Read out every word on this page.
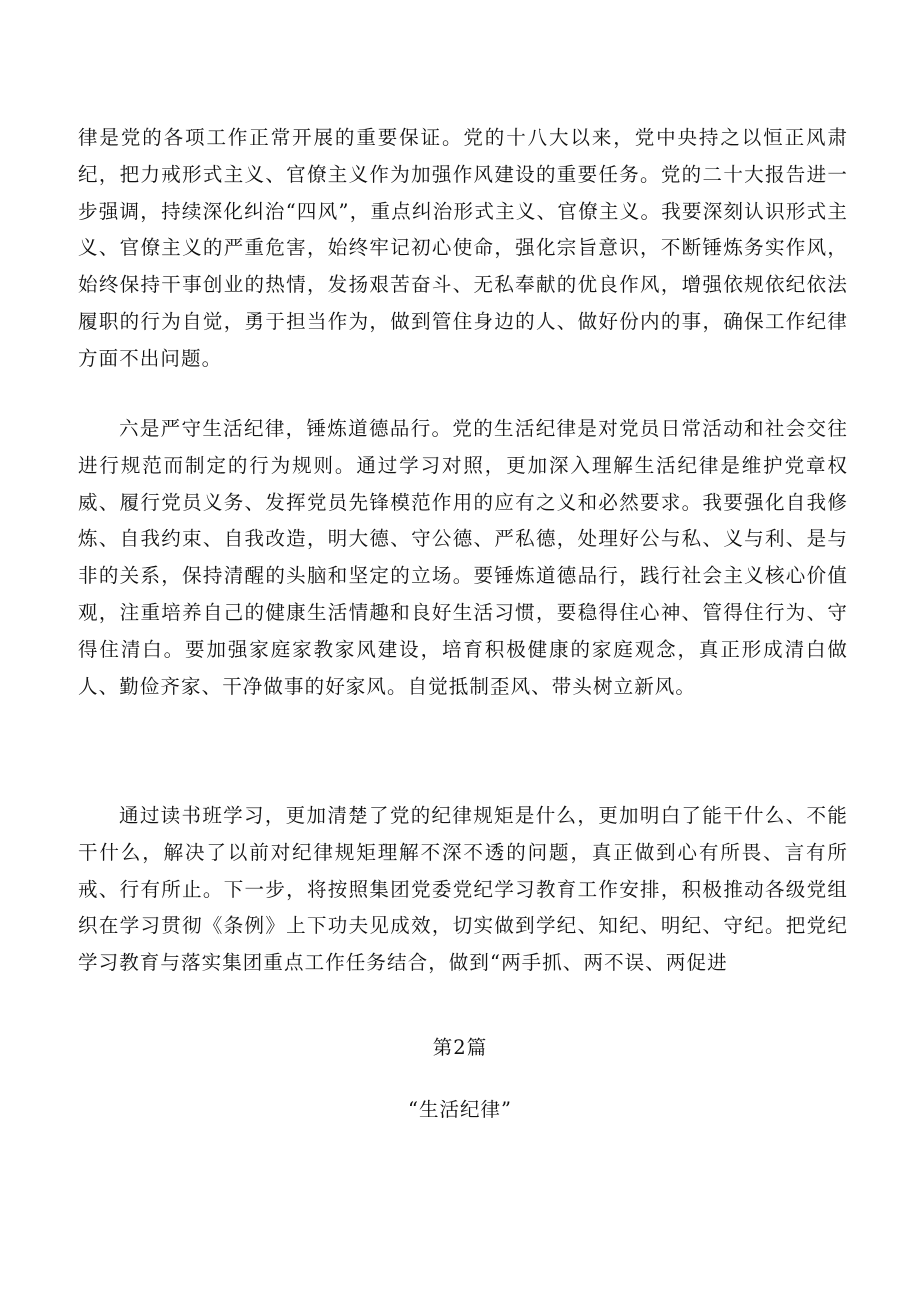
律是党的各项工作正常开展的重要保证。党的十八大以来，党中央持之以恒正风肃纪，把力戒形式主义、官僚主义作为加强作风建设的重要任务。党的二十大报告进一步强调，持续深化纠治“四风”，重点纠治形式主义、官僚主义。我要深刻认识形式主义、官僚主义的严重危害，始终牢记初心使命，强化宗旨意识，不断锤炼务实作风，始终保持干事创业的热情，发扬艰苦奋斗、无私奉献的优良作风，增强依规依纪依法履职的行为自觉，勇于担当作为，做到管住身边的人、做好份内的事，确保工作纪律方面不出问题。

六是严守生活纪律，锤炼道德品行。党的生活纪律是对党员日常活动和社会交往进行规范而制定的行为规则。通过学习对照，更加深入理解生活纪律是维护党章权威、履行党员义务、发挥党员先锋模范作用的应有之义和必然要求。我要强化自我修炼、自我约束、自我改造，明大德、守公德、严私德，处理好公与私、义与利、是与非的关系，保持清醒的头脑和坚定的立场。要锤炼道德品行，践行社会主义核心价值观，注重培养自己的健康生活情趣和良好生活习惯，要稳得住心神、管得住行为、守得住清白。要加强家庭家教家风建设，培育积极健康的家庭观念，真正形成清白做人、勤俭齐家、干净做事的好家风。自觉抵制歪风、带头树立新风。

通过读书班学习，更加清楚了党的纪律规矩是什么，更加明白了能干什么、不能干什么，解决了以前对纪律规矩理解不深不透的问题，真正做到心有所畏、言有所戒、行有所止。下一步，将按照集团党委党纪学习教育工作安排，积极推动各级党组织在学习贯彻《条例》上下功夫见成效，切实做到学纪、知纪、明纪、守纪。把党纪学习教育与落实集团重点工作任务结合，做到“两手抓、两不误、两促进

第2篇

“生活纪律”
